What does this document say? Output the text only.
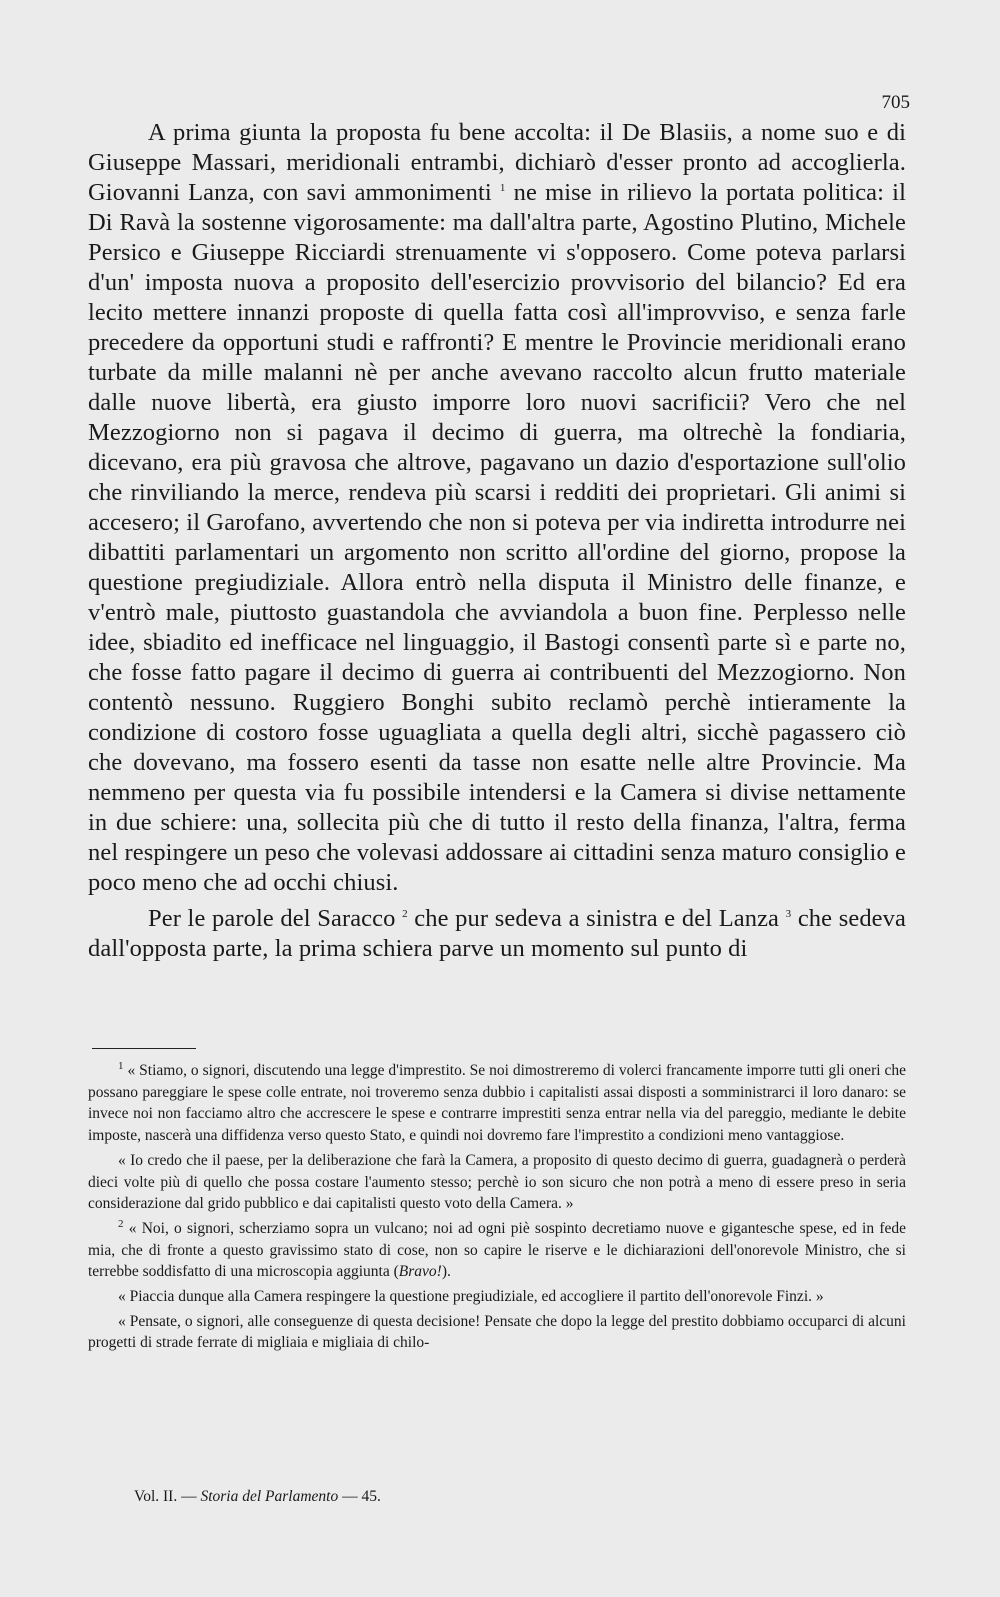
705

A prima giunta la proposta fu bene accolta: il De Blasiis, a nome suo e di Giuseppe Massari, meridionali entrambi, dichiarò d'esser pronto ad accoglierla. Giovanni Lanza, con savi ammonimenti $^1$ ne mise in rilievo la portata politica: il Di Ravà la sostenne vigorosamente: ma dall'altra parte, Agostino Plutino, Michele Persico e Giuseppe Ricciardi strenuamente vi s'opposero. Come poteva parlarsi d'un' imposta nuova a proposito dell'esercizio provvisorio del bilancio? Ed era lecito mettere innanzi proposte di quella fatta così all'improvviso, e senza farle precedere da opportuni studi e raffronti? E mentre le Provincie meridionali erano turbate da mille malanni nè per anche avevano raccolto alcun frutto materiale dalle nuove libertà, era giusto imporre loro nuovi sacrificii? Vero che nel Mezzogiorno non si pagava il decimo di guerra, ma oltrechè la fondiaria, dicevano, era più gravosa che altrove, pagavano un dazio d'esportazione sull'olio che rinviliando la merce, rendeva più scarsi i redditi dei proprietari. Gli animi si accesero; il Garofano, avvertendo che non si poteva per via indiretta introdurre nei dibattiti parlamentari un argomento non scritto all'ordine del giorno, propose la questione pregiudiziale. Allora entrò nella disputa il Ministro delle finanze, e v'entrò male, piuttosto guastandola che avviandola a buon fine. Perplesso nelle idee, sbiadito ed inefficace nel linguaggio, il Bastogi consentì parte sì e parte no, che fosse fatto pagare il decimo di guerra ai contribuenti del Mezzogiorno. Non contentò nessuno. Ruggiero Bonghi subito reclamò perchè intieramente la condizione di costoro fosse uguagliata a quella degli altri, sicchè pagassero ciò che dovevano, ma fossero esenti da tasse non esatte nelle altre Provincie. Ma nemmeno per questa via fu possibile intendersi e la Camera si divise nettamente in due schiere: una, sollecita più che di tutto il resto della finanza, l'altra, ferma nel respingere un peso che volevasi addossare ai cittadini senza maturo consiglio e poco meno che ad occhi chiusi.

Per le parole del Saracco $^2$ che pur sedeva a sinistra e del Lanza $^3$ che sedeva dall'opposta parte, la prima schiera parve un momento sul punto di

$^1$ « Stiamo, o signori, discutendo una legge d'imprestito. Se noi dimostreremo di volerci francamente imporre tutti gli oneri che possano pareggiare le spese colle entrate, noi troveremo senza dubbio i capitalisti assai disposti a somministrarci il loro danaro: se invece noi non facciamo altro che accrescere le spese e contrarre imprestiti senza entrar nella via del pareggio, mediante le debite imposte, nascerà una diffidenza verso questo Stato, e quindi noi dovremo fare l'imprestito a condizioni meno vantaggiose.

« Io credo che il paese, per la deliberazione che farà la Camera, a proposito di questo decimo di guerra, guadagnerà o perderà dieci volte più di quello che possa costare l'aumento stesso; perchè io son sicuro che non potrà a meno di essere preso in seria considerazione dal grido pubblico e dai capitalisti questo voto della Camera. »

$^2$ « Noi, o signori, scherziamo sopra un vulcano; noi ad ogni piè sospinto decretiamo nuove e gigantesche spese, ed in fede mia, che di fronte a questo gravissimo stato di cose, non so capire le riserve e le dichiarazioni dell'onorevole Ministro, che si terrebbe soddisfatto di una microscopia aggiunta (Bravo!).

« Piaccia dunque alla Camera respingere la questione pregiudiziale, ed accogliere il partito dell'onorevole Finzi. »

« Pensate, o signori, alle conseguenze di questa decisione! Pensate che dopo la legge del prestito dobbiamo occuparci di alcuni progetti di strade ferrate di migliaia e migliaia di chilo-

Vol. II. — Storia del Parlamento — 45.
